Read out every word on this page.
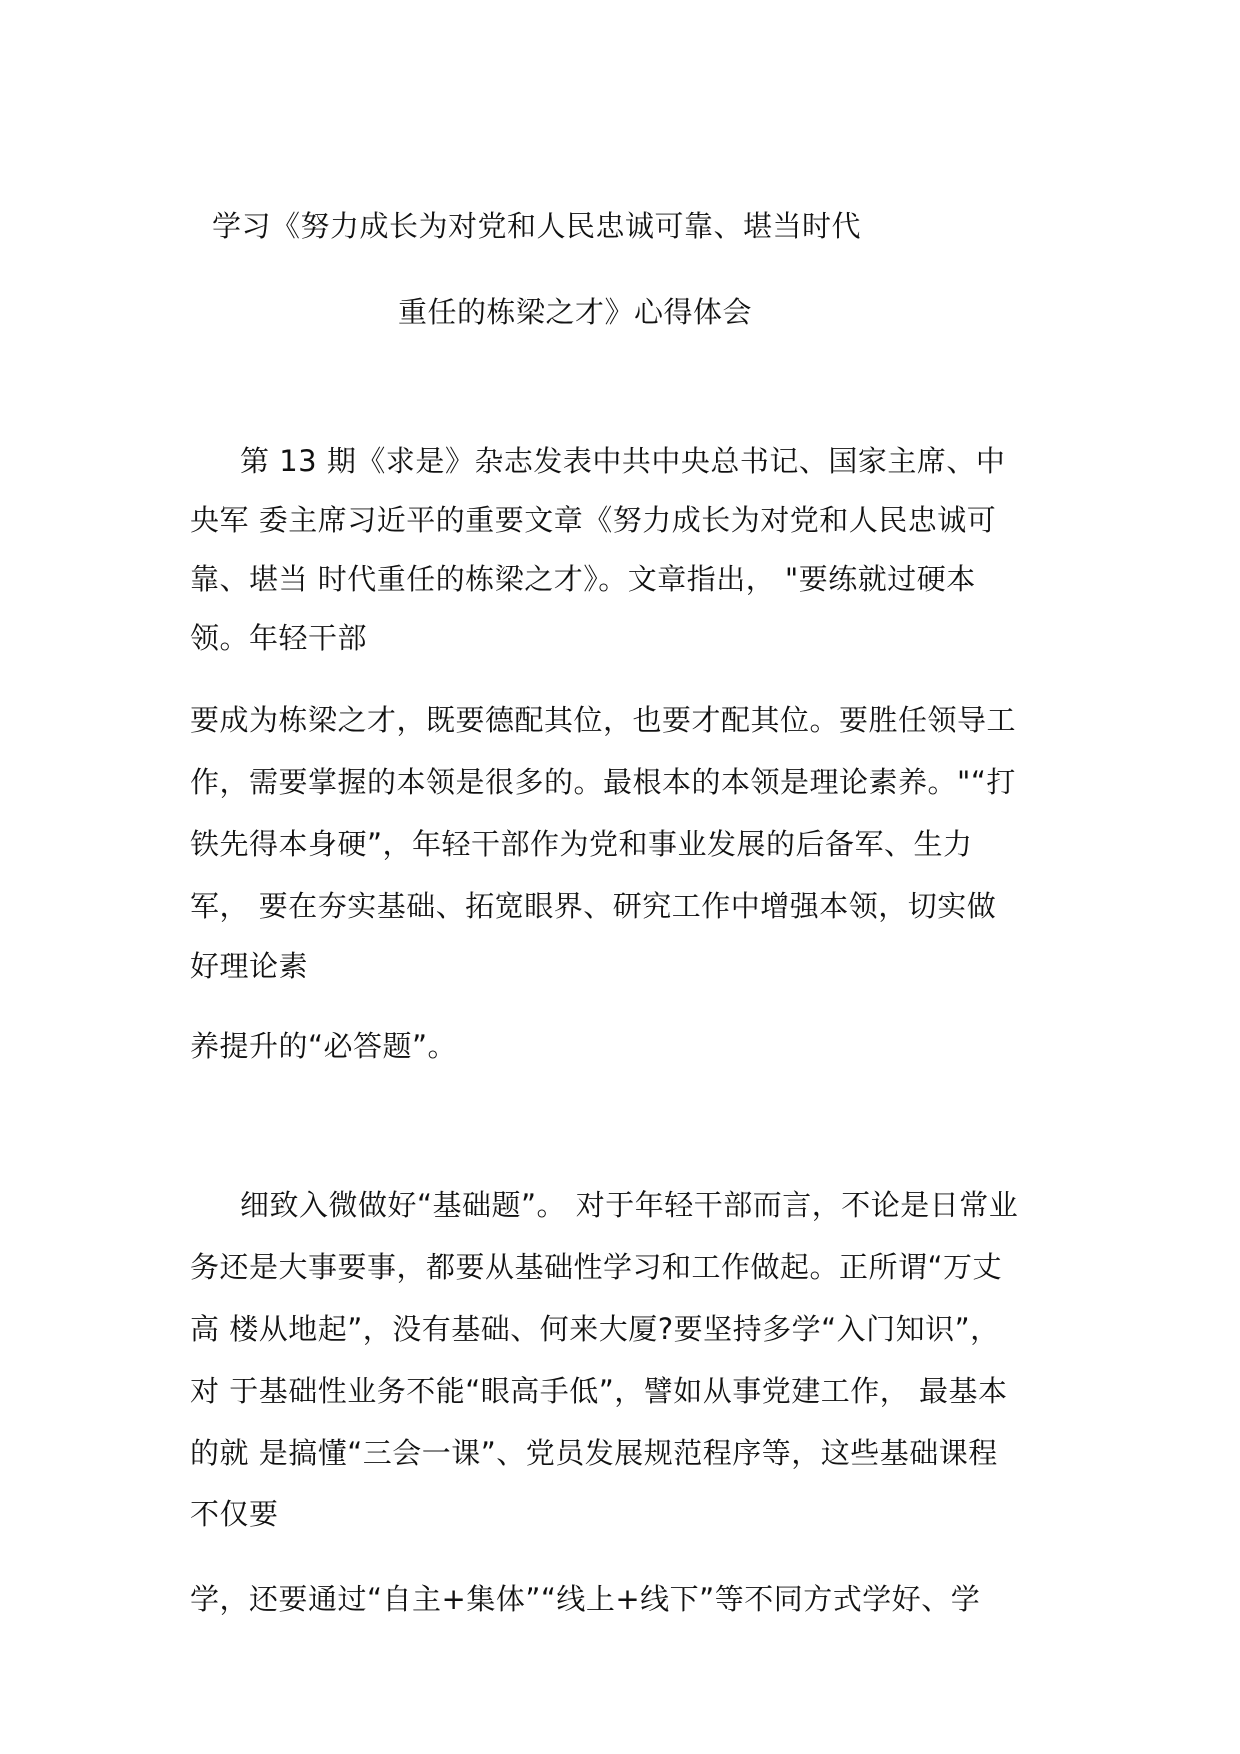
学习《努力成长为对党和人民忠诚可靠、堪当时代
重任的栋梁之才》心得体会
第 13 期《求是》杂志发表中共中央总书记、国家主席、中
央军 委主席习近平的重要文章《努力成长为对党和人民忠诚可
靠、堪当 时代重任的栋梁之才》。文章指出， "要练就过硬本
领。年轻干部
要成为栋梁之才，既要德配其位，也要才配其位。要胜任领导工
作，需要掌握的本领是很多的。最根本的本领是理论素养。"“打
铁先得本身硬”，年轻干部作为党和事业发展的后备军、生力
军， 要在夯实基础、拓宽眼界、研究工作中增强本领，切实做
好理论素
养提升的“必答题”。
细致入微做好“基础题”。 对于年轻干部而言，不论是日常业
务还是大事要事，都要从基础性学习和工作做起。正所谓“万丈
高 楼从地起”，没有基础、何来大厦?要坚持多学“入门知识”，
对 于基础性业务不能“眼高手低”，譬如从事党建工作， 最基本
的就 是搞懂“三会一课”、党员发展规范程序等，这些基础课程
不仅要
学，还要通过“自主+集体”“线上+线下”等不同方式学好、学
